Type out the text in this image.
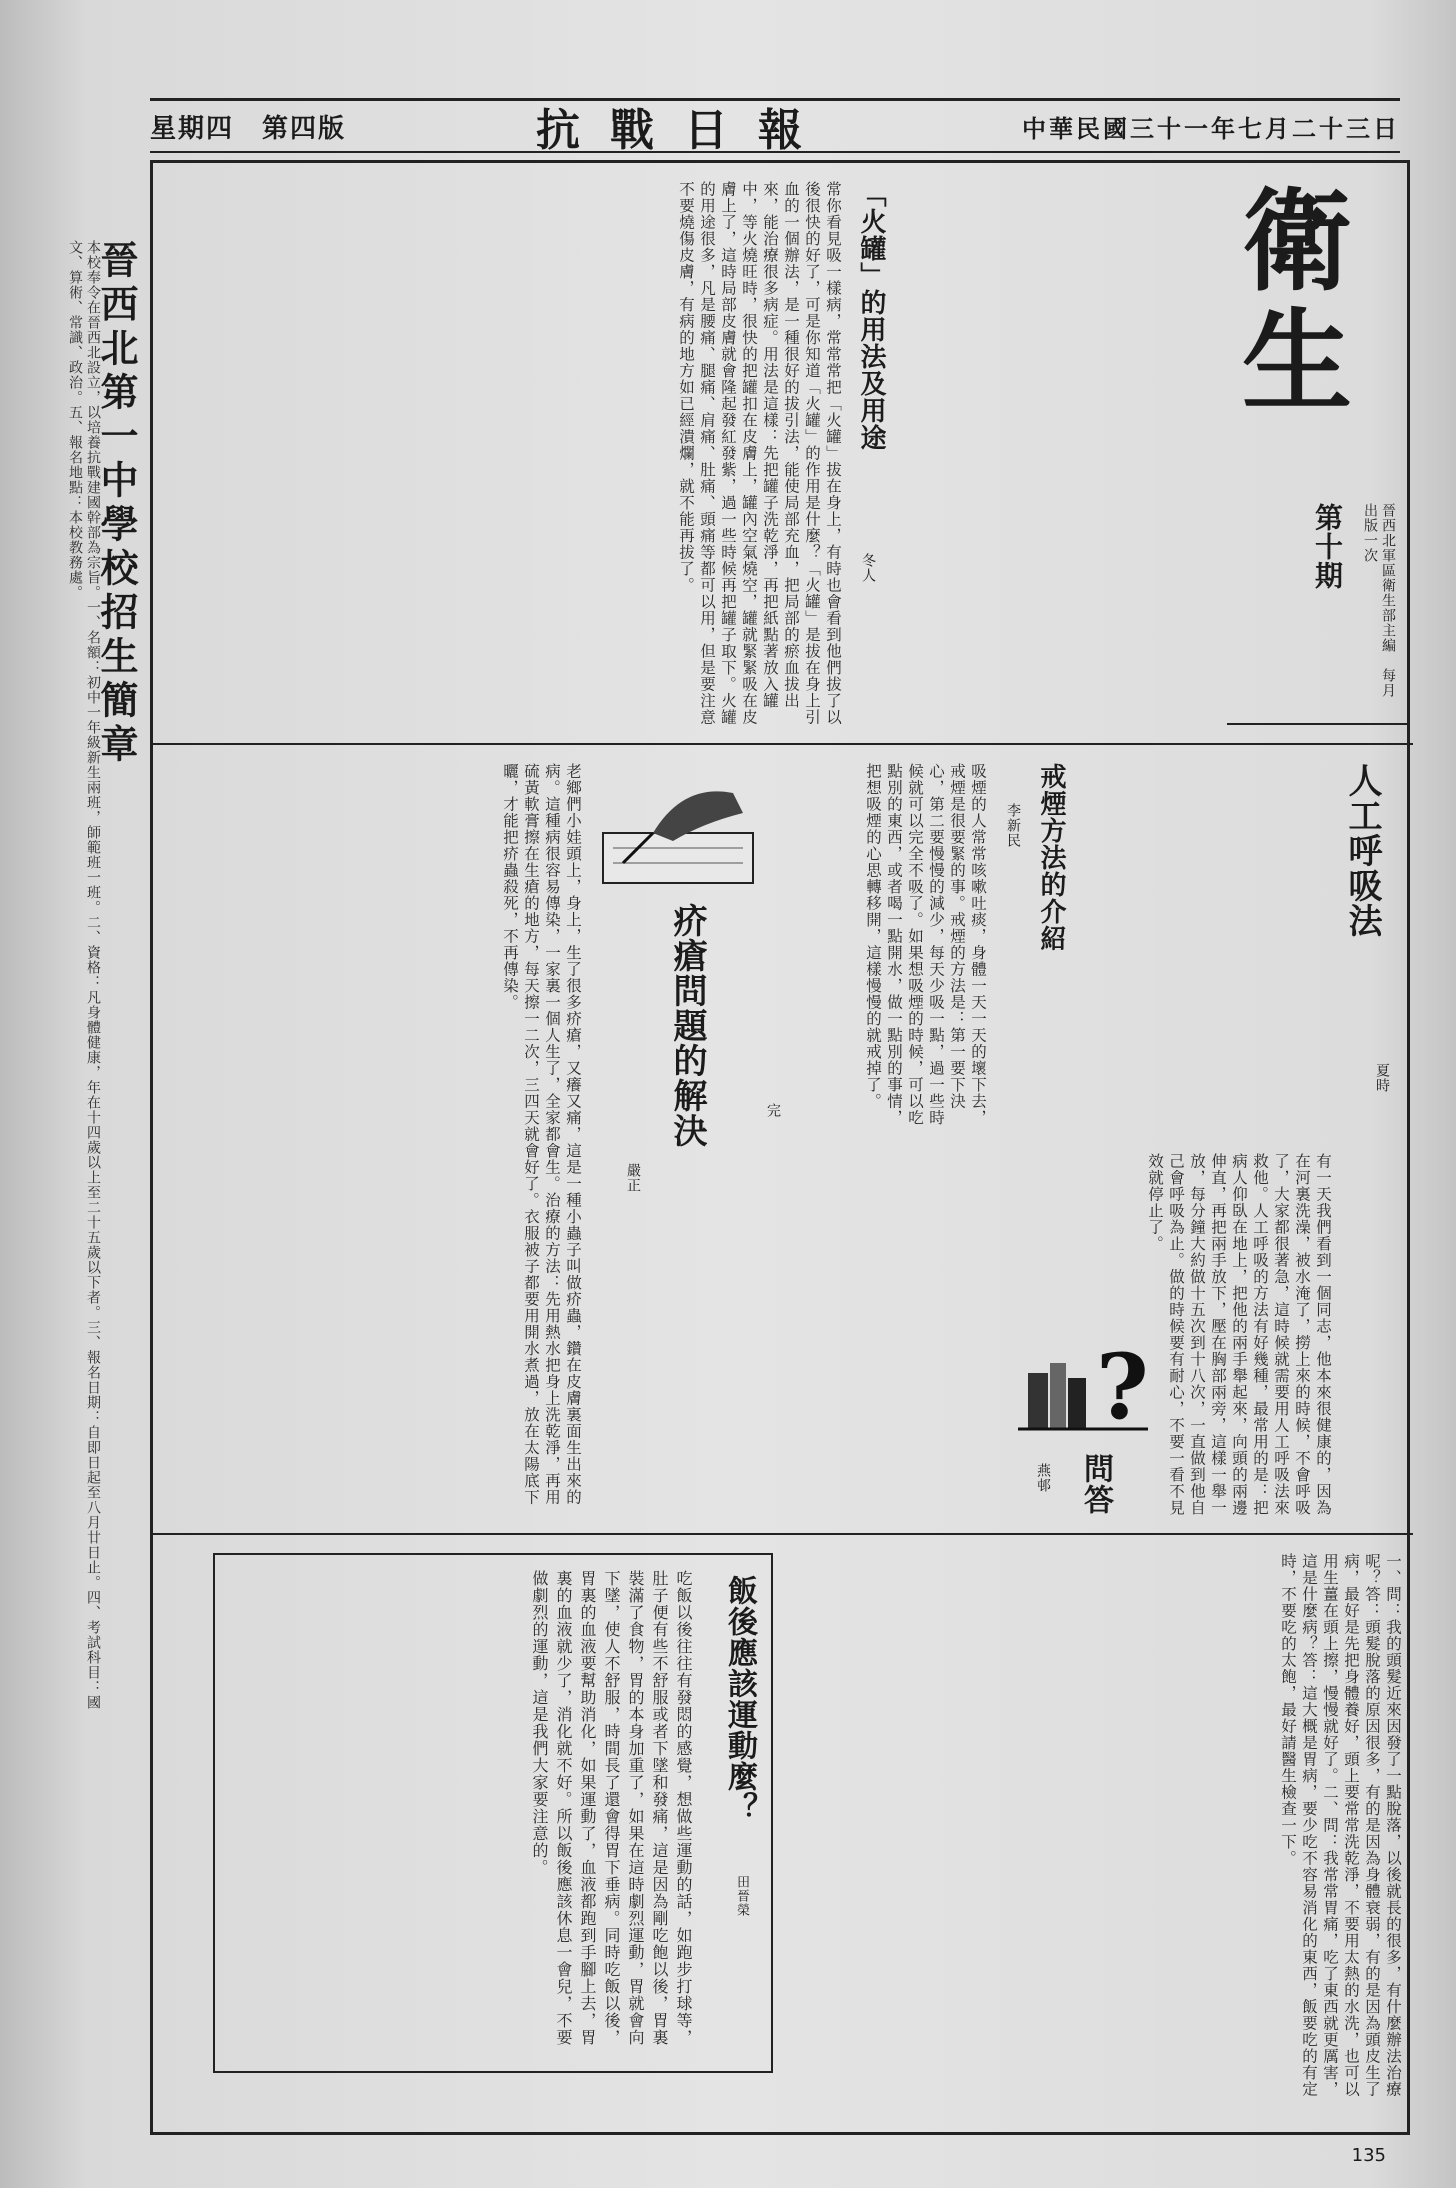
星期四　第四版	抗戰日報	中華民國三十一年七月二十三日
衛生
第十期	晉西北軍區衛生部主編　每月出版一次
「火罐」的用法及用途
冬人
常你看見吸一樣病，常常常把「火罐」拔在身上，有時也會看到他們拔了以後很快的好了，可是你知道「火罐」的作用是什麼？「火罐」是拔在身上引血的一個辦法，是一種很好的拔引法，能使局部充血，把局部的瘀血拔出來，能治療很多病症。用法是這樣：先把罐子洗乾淨，再把紙點著放入罐中，等火燒旺時，很快的把罐扣在皮膚上，罐內空氣燒空，罐就緊緊吸在皮膚上了，這時局部皮膚就會隆起發紅發紫，過一些時候再把罐子取下。火罐的用途很多，凡是腰痛、腿痛、肩痛、肚痛、頭痛等都可以用，但是要注意不要燒傷皮膚，有病的地方如已經潰爛，就不能再拔了。
戒煙方法的介紹
李新民
吸煙的人常常咳嗽吐痰，身體一天一天的壞下去，戒煙是很要緊的事。戒煙的方法是：第一要下決心，第二要慢慢的減少，每天少吸一點，過一些時候就可以完全不吸了。如果想吸煙的時候，可以吃點別的東西，或者喝一點開水，做一點別的事情，把想吸煙的心思轉移開，這樣慢慢的就戒掉了。
完
疥瘡問題的解決
嚴正
老鄉們小娃頭上，身上，生了很多疥瘡，又癢又痛，這是一種小蟲子叫做疥蟲，鑽在皮膚裏面生出來的病。這種病很容易傳染，一家裏一個人生了，全家都會生。治療的方法：先用熱水把身上洗乾淨，再用硫黃軟膏擦在生瘡的地方，每天擦一二次，三四天就會好了。衣服被子都要用開水煮過，放在太陽底下曬，才能把疥蟲殺死，不再傳染。	人工呼吸法
夏時
有一天我們看到一個同志，他本來很健康的，因為在河裏洗澡，被水淹了，撈上來的時候，不會呼吸了，大家都很著急，這時候就需要用人工呼吸法來救他。人工呼吸的方法有好幾種，最常用的是：把病人仰臥在地上，把他的兩手舉起來，向頭的兩邊伸直，再把兩手放下，壓在胸部兩旁，這樣一舉一放，每分鐘大約做十五次到十八次，一直做到他自己會呼吸為止。做的時候要有耐心，不要一看不見效就停止了。
?
問答
燕邨
一、問：我的頭髮近來因發了一點脫落，以後就長的很多，有什麼辦法治療呢？答：頭髮脫落的原因很多，有的是因為身體衰弱，有的是因為頭皮生了病，最好是先把身體養好，頭上要常常洗乾淨，不要用太熱的水洗，也可以用生薑在頭上擦，慢慢就好了。二、問：我常常胃痛，吃了東西就更厲害，這是什麼病？答：這大概是胃病，要少吃不容易消化的東西，飯要吃的有定時，不要吃的太飽，最好請醫生檢查一下。
飯後應該運動麼？
田晉榮
吃飯以後往往有發悶的感覺，想做些運動的話，如跑步打球等，肚子便有些不舒服或者下墜和發痛，這是因為剛吃飽以後，胃裏裝滿了食物，胃的本身加重了，如果在這時劇烈運動，胃就會向下墜，使人不舒服，時間長了還會得胃下垂病。同時吃飯以後，胃裏的血液要幫助消化，如果運動了，血液都跑到手腳上去，胃裏的血液就少了，消化就不好。所以飯後應該休息一會兒，不要做劇烈的運動，這是我們大家要注意的。
晉西北第一中學校招生簡章
本校奉令在晉西北設立，以培養抗戰建國幹部為宗旨。一、名額：初中一年級新生兩班，師範班一班。二、資格：凡身體健康，年在十四歲以上至二十五歲以下者。三、報名日期：自即日起至八月廿日止。四、考試科目：國文、算術、常識、政治。五、報名地點：本校教務處。
135
